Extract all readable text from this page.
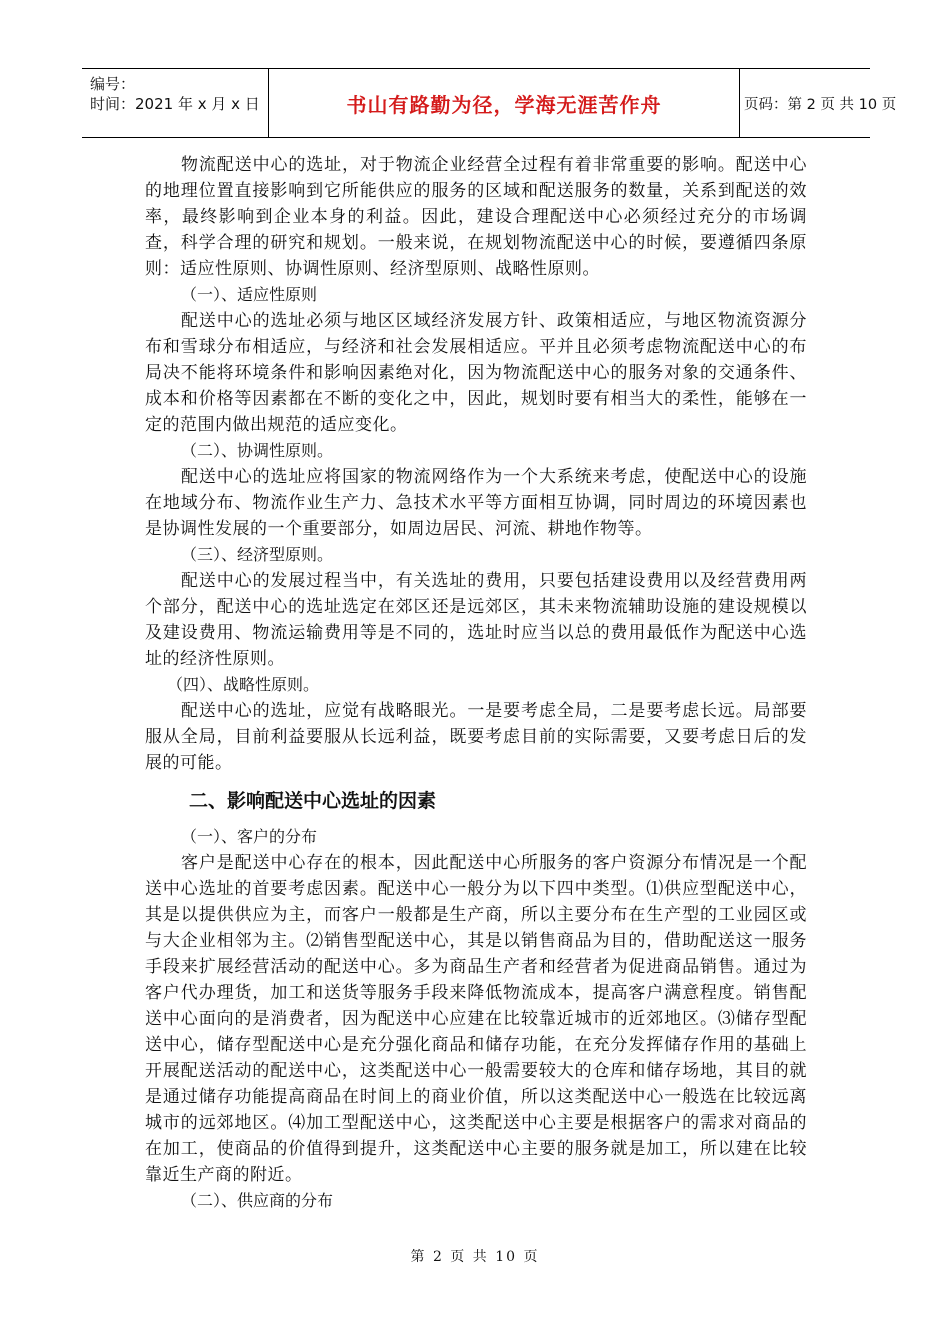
编号：
时间：2021 年 x 月 x 日	书山有路勤为径，学海无涯苦作舟	页码：第 2 页 共 10 页

物流配送中心的选址，对于物流企业经营全过程有着非常重要的影响。配送中心的地理位置直接影响到它所能供应的服务的区域和配送服务的数量，关系到配送的效率，最终影响到企业本身的利益。因此，建设合理配送中心必须经过充分的市场调查，科学合理的研究和规划。一般来说，在规划物流配送中心的时候，要遵循四条原则：适应性原则、协调性原则、经济型原则、战略性原则。

（一）、适应性原则

配送中心的选址必须与地区区域经济发展方针、政策相适应，与地区物流资源分布和雪球分布相适应，与经济和社会发展相适应。平并且必须考虑物流配送中心的布局决不能将环境条件和影响因素绝对化，因为物流配送中心的服务对象的交通条件、成本和价格等因素都在不断的变化之中，因此，规划时要有相当大的柔性，能够在一定的范围内做出规范的适应变化。

（二）、协调性原则。

配送中心的选址应将国家的物流网络作为一个大系统来考虑，使配送中心的设施在地域分布、物流作业生产力、急技术水平等方面相互协调，同时周边的环境因素也是协调性发展的一个重要部分，如周边居民、河流、耕地作物等。

（三）、经济型原则。

配送中心的发展过程当中，有关选址的费用，只要包括建设费用以及经营费用两个部分，配送中心的选址选定在郊区还是远郊区，其未来物流辅助设施的建设规模以及建设费用、物流运输费用等是不同的，选址时应当以总的费用最低作为配送中心选址的经济性原则。

（四）、战略性原则。

配送中心的选址，应觉有战略眼光。一是要考虑全局，二是要考虑长远。局部要服从全局，目前利益要服从长远利益，既要考虑目前的实际需要，又要考虑日后的发展的可能。

二、影响配送中心选址的因素

（一）、客户的分布

客户是配送中心存在的根本，因此配送中心所服务的客户资源分布情况是一个配送中心选址的首要考虑因素。配送中心一般分为以下四中类型。⑴供应型配送中心，其是以提供供应为主，而客户一般都是生产商，所以主要分布在生产型的工业园区或与大企业相邻为主。⑵销售型配送中心，其是以销售商品为目的，借助配送这一服务手段来扩展经营活动的配送中心。多为商品生产者和经营者为促进商品销售。通过为客户代办理货，加工和送货等服务手段来降低物流成本，提高客户满意程度。销售配送中心面向的是消费者，因为配送中心应建在比较靠近城市的近郊地区。⑶储存型配送中心，储存型配送中心是充分强化商品和储存功能，在充分发挥储存作用的基础上开展配送活动的配送中心，这类配送中心一般需要较大的仓库和储存场地，其目的就是通过储存功能提高商品在时间上的商业价值，所以这类配送中心一般选在比较远离城市的远郊地区。⑷加工型配送中心，这类配送中心主要是根据客户的需求对商品的在加工，使商品的价值得到提升，这类配送中心主要的服务就是加工，所以建在比较靠近生产商的附近。

（二）、供应商的分布

第 2 页 共 10 页
